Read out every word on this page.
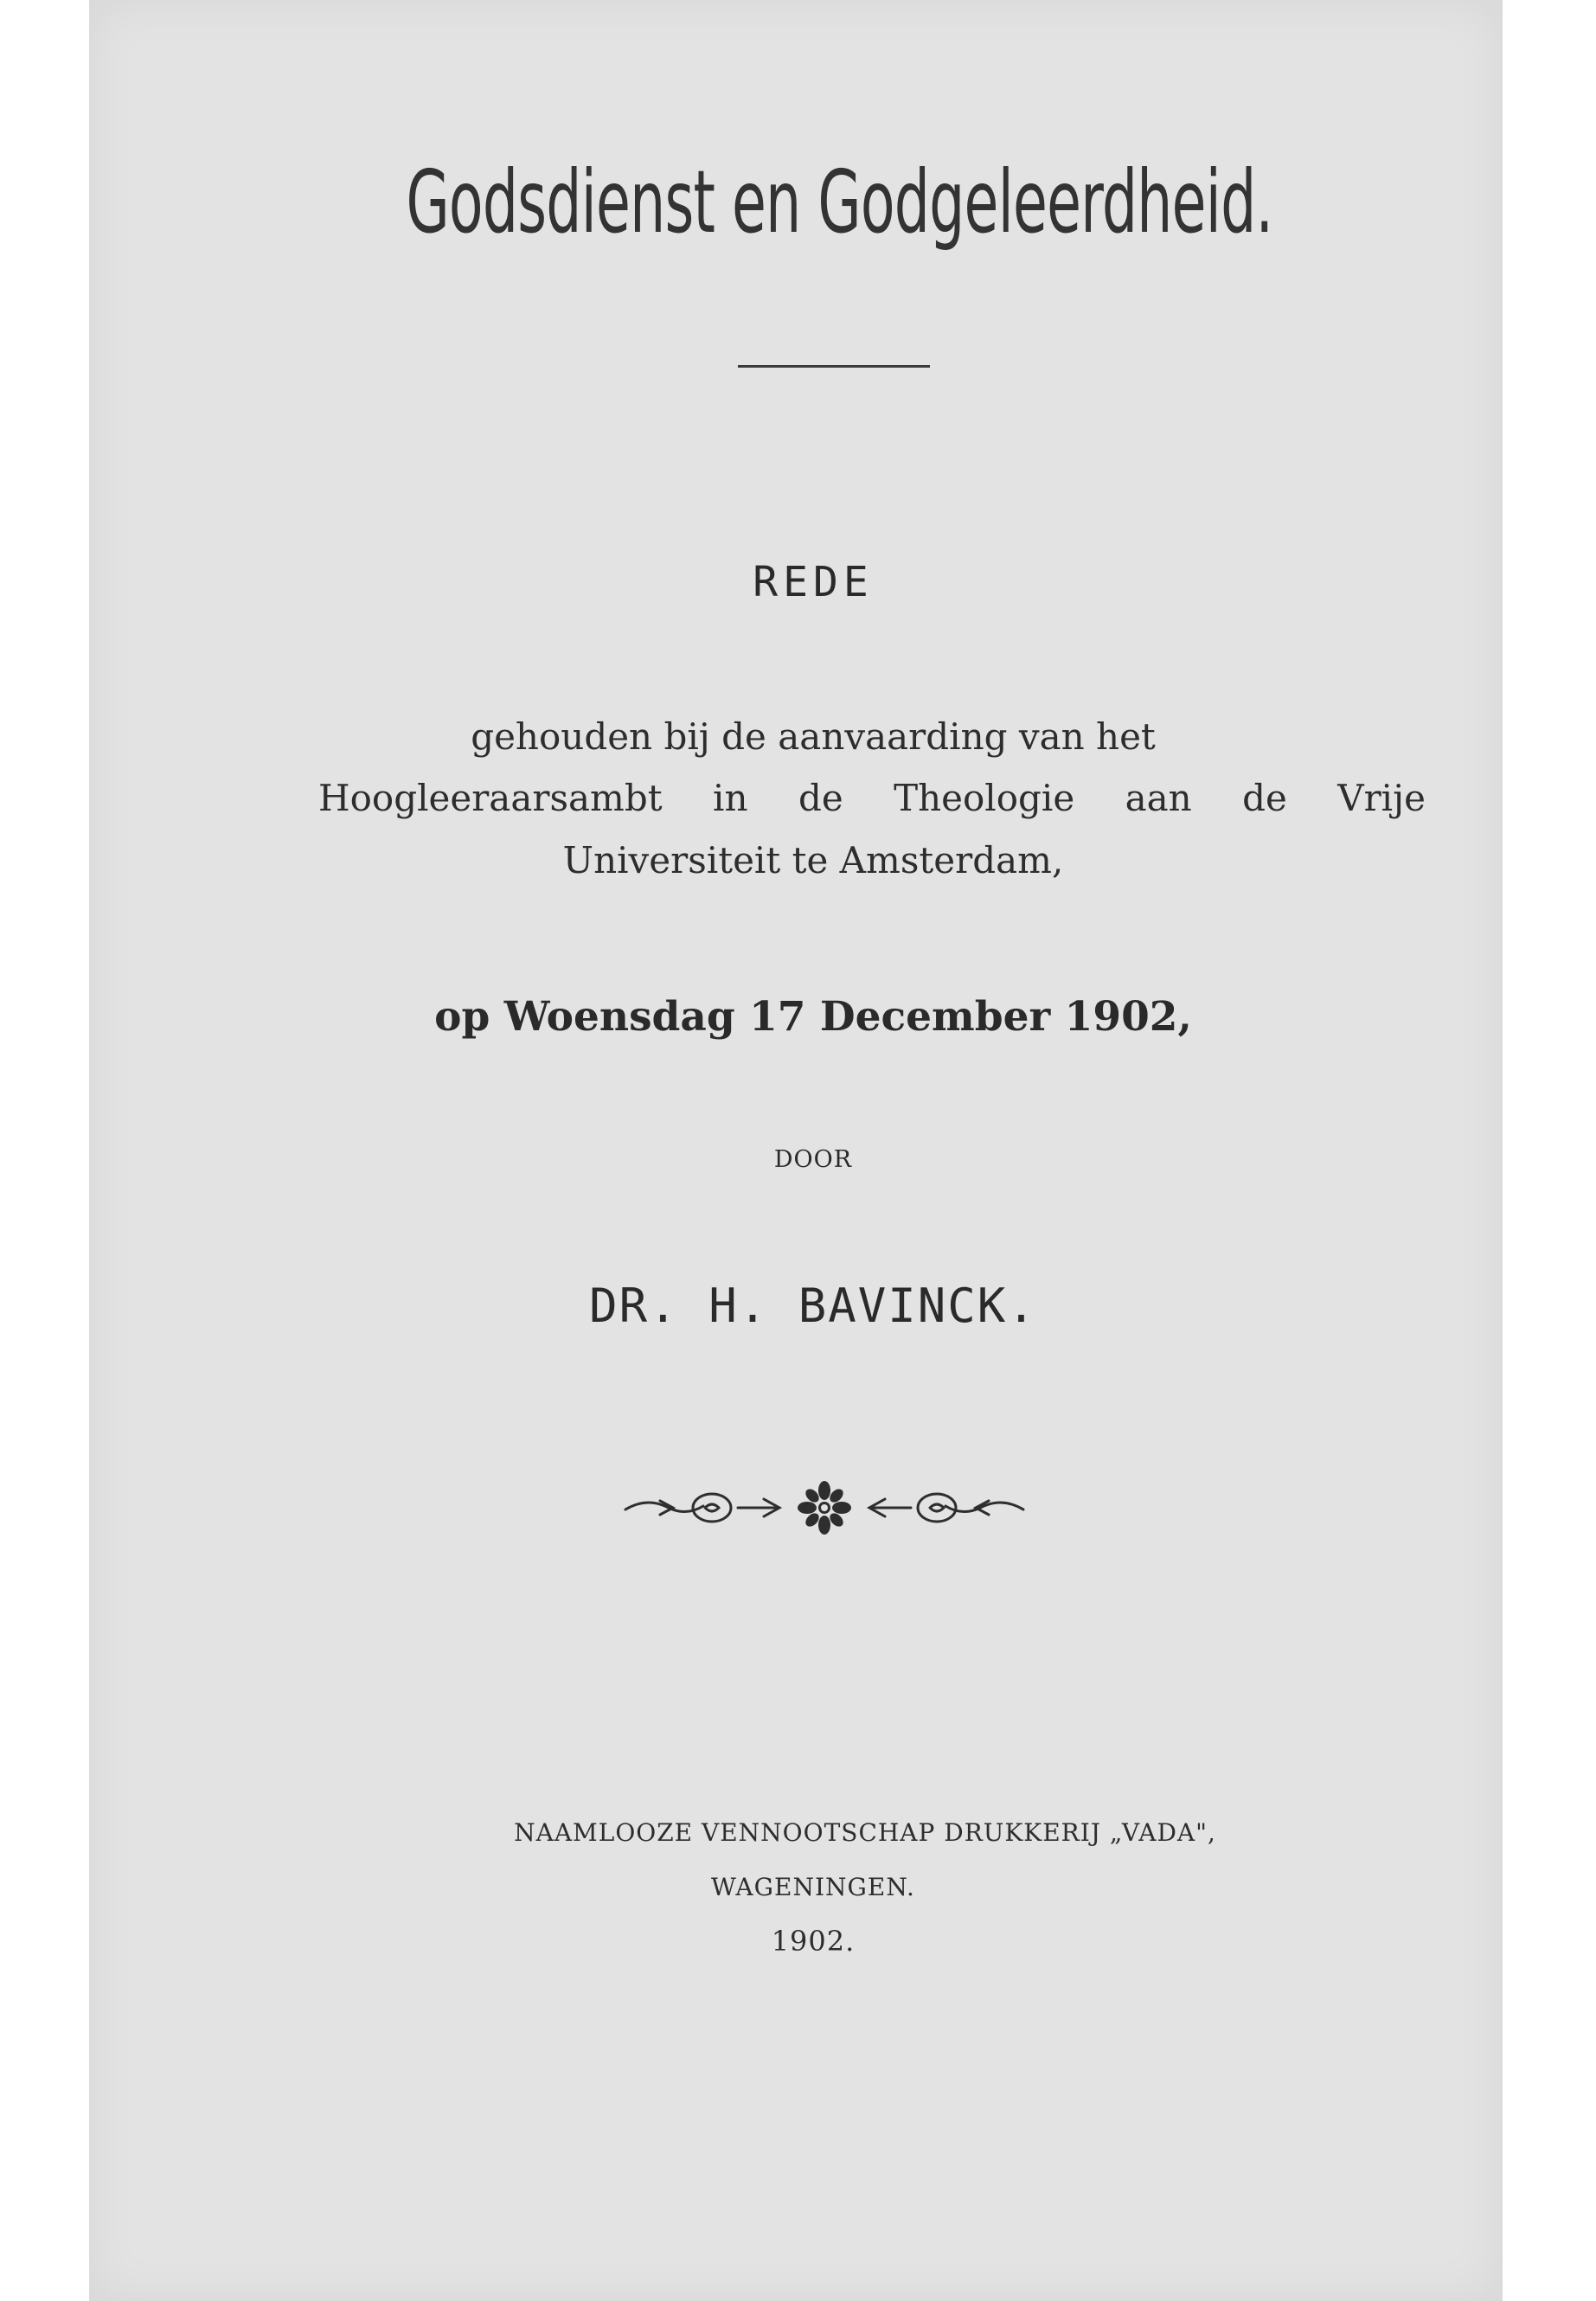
Godsdienst en Godgeleerdheid.
REDE
gehouden bij de aanvaarding van het
Hoogleeraarsambt in de Theologie aan de Vrije
Universiteit te Amsterdam,
op Woensdag 17 December 1902,
DOOR
DR. H. BAVINCK.
NAAMLOOZE VENNOOTSCHAP DRUKKERIJ „VADA",
WAGENINGEN.
1902.
